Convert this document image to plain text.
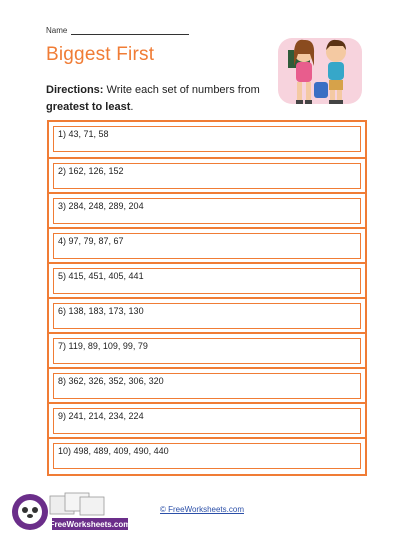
Name
Biggest First
Directions: Write each set of numbers from greatest to least.
1) 43, 71, 58
2) 162, 126, 152
3) 284, 248, 289, 204
4) 97, 79, 87, 67
5) 415, 451, 405, 441
6) 138, 183, 173, 130
7) 119, 89, 109, 99, 79
8) 362, 326, 352, 306, 320
9) 241, 214, 234, 224
10) 498, 489, 409, 490, 440
FreeWorksheets.com
© FreeWorksheets.com
